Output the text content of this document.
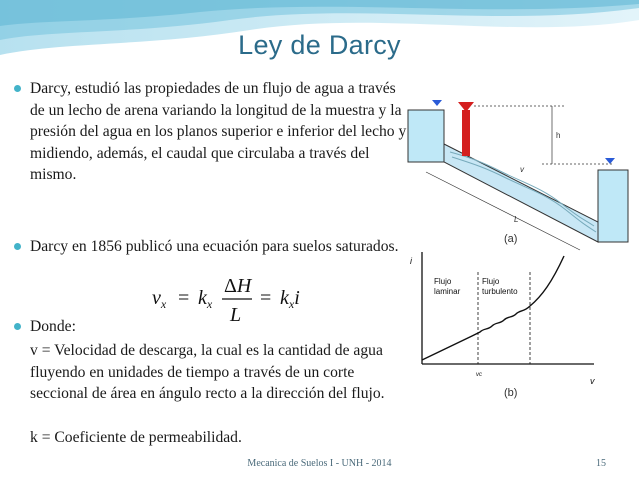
Ley de Darcy

Darcy, estudió las propiedades de un flujo de agua a través de un lecho de arena variando la longitud de la muestra y la presión del agua en los planos superior e inferior del lecho y midiendo, además, el caudal que circulaba a través del mismo.

Darcy en 1856 publicó una ecuación para suelos saturados.

$v_x = k_x$
ΔH
L
= $k_xi$

Donde:

v = Velocidad de descarga, la cual es la cantidad de agua fluyendo en unidades de tiempo a través de un corte seccional de área en ángulo recto a la dirección del flujo.
k = Coeficiente de permeabilidad.
h
v
L
(a)
i
v
vc
Flujo laminar
Flujo turbulento
(b)
Mecanica de Suelos I - UNH - 2014	15
